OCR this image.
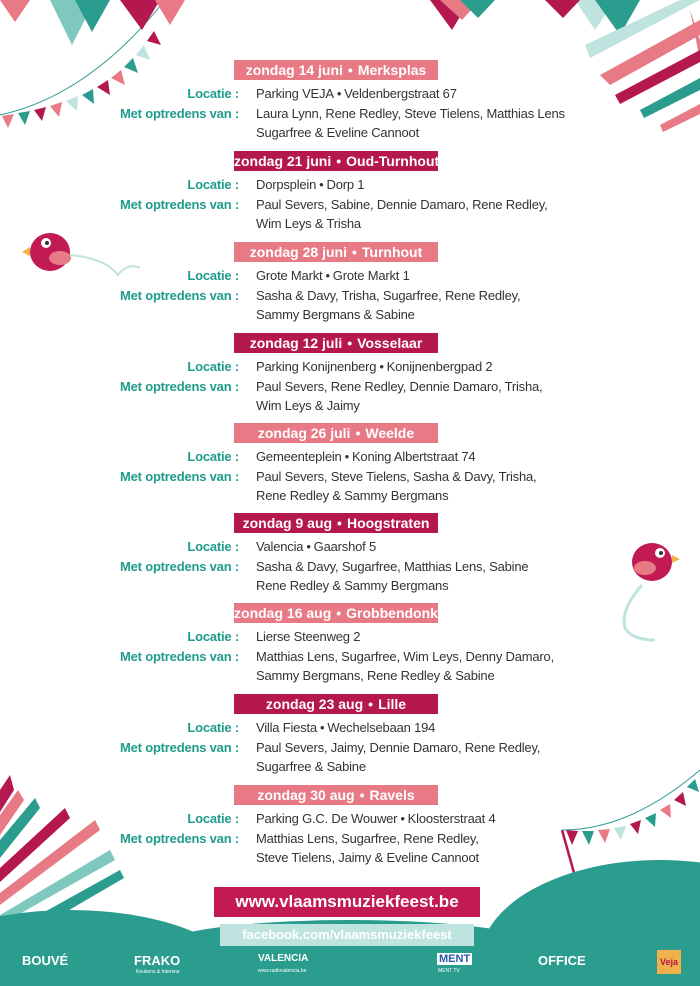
zondag 14 juni • Merksplas
Locatie : Parking VEJA • Veldenbergstraat 67
Met optredens van : Laura Lynn, Rene Redley, Steve Tielens, Matthias Lens
Sugarfree & Eveline Cannoot
zondag 21 juni • Oud-Turnhout
Locatie : Dorpsplein • Dorp 1
Met optredens van : Paul Severs, Sabine, Dennie Damaro, Rene Redley,
Wim Leys & Trisha
zondag 28 juni • Turnhout
Locatie : Grote Markt • Grote Markt 1
Met optredens van : Sasha & Davy, Trisha, Sugarfree, Rene Redley,
Sammy Bergmans & Sabine
zondag 12 juli • Vosselaar
Locatie : Parking Konijnenberg • Konijnenbergpad 2
Met optredens van : Paul Severs, Rene Redley, Dennie Damaro, Trisha,
Wim Leys & Jaimy
zondag 26 juli • Weelde
Locatie : Gemeenteplein • Koning Albertstraat 74
Met optredens van : Paul Severs, Steve Tielens, Sasha & Davy, Trisha,
Rene Redley & Sammy Bergmans
zondag 9 aug • Hoogstraten
Locatie : Valencia • Gaarshof 5
Met optredens van : Sasha & Davy, Sugarfree, Matthias Lens, Sabine
Rene Redley & Sammy Bergmans
zondag 16 aug • Grobbendonk
Locatie : Lierse Steenweg 2
Met optredens van : Matthias Lens, Sugarfree, Wim Leys, Denny Damaro,
Sammy Bergmans, Rene Redley & Sabine
zondag 23 aug • Lille
Locatie : Villa Fiesta • Wechelsebaan 194
Met optredens van : Paul Severs, Jaimy, Dennie Damaro, Rene Redley,
Sugarfree & Sabine
zondag 30 aug • Ravels
Locatie : Parking G.C. De Wouwer • Kloosterstraat 4
Met optredens van : Matthias Lens, Sugarfree, Rene Redley,
Steve Tielens, Jaimy & Eveline Cannoot
www.vlaamsmuziekfeest.be
facebook.com/vlaamsmuziekfeest
BOUVÉ	FRAKO
Keukens & Interieur
VALENCIA
www.radiovalencia.be
MENT
MENT TV
OFFICE	Veja
